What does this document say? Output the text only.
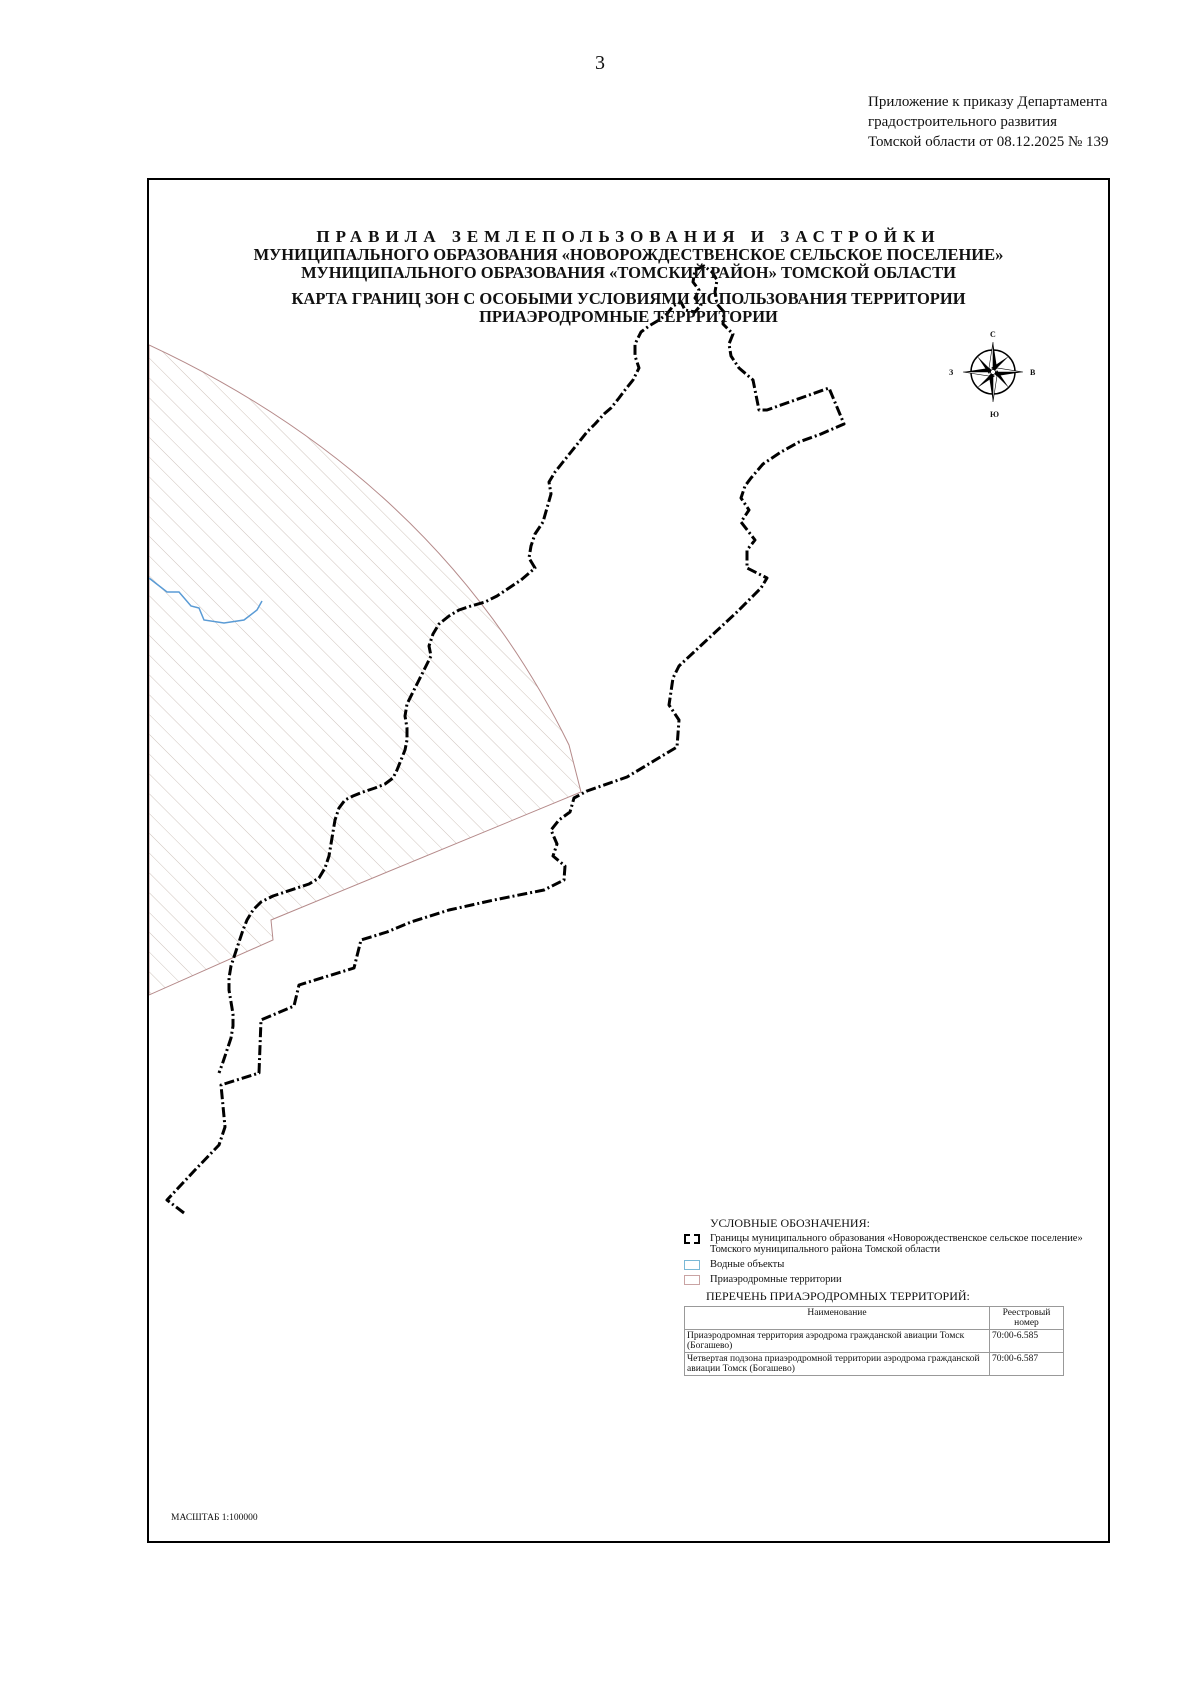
3
Приложение к приказу Департамента
градостроительного развития
Томской области от 08.12.2025 № 139
ПРАВИЛА ЗЕМЛЕПОЛЬЗОВАНИЯ И ЗАСТРОЙКИ
МУНИЦИПАЛЬНОГО ОБРАЗОВАНИЯ «НОВОРОЖДЕСТВЕНСКОЕ СЕЛЬСКОЕ ПОСЕЛЕНИЕ»
МУНИЦИПАЛЬНОГО ОБРАЗОВАНИЯ «ТОМСКИЙ РАЙОН» ТОМСКОЙ ОБЛАСТИ
КАРТА ГРАНИЦ ЗОН С ОСОБЫМИ УСЛОВИЯМИ ИСПОЛЬЗОВАНИЯ ТЕРРИТОРИИ
ПРИАЭРОДРОМНЫЕ ТЕРРРИТОРИИ
С
Ю
З	В
УСЛОВНЫЕ ОБОЗНАЧЕНИЯ:
Границы муниципального образования «Новорождественское сельское поселение» Томского муниципального района Томской области
Водные объекты
Приаэродромные территории
ПЕРЕЧЕНЬ ПРИАЭРОДРОМНЫХ ТЕРРИТОРИЙ:
Наименование	Реестровый номер
Приаэродромная территория аэродрома гражданской авиации Томск (Богашево)	70:00-6.585
Четвертая подзона приаэродромной территории аэродрома гражданской авиации Томск (Богашево)	70:00-6.587
МАСШТАБ 1:100000
